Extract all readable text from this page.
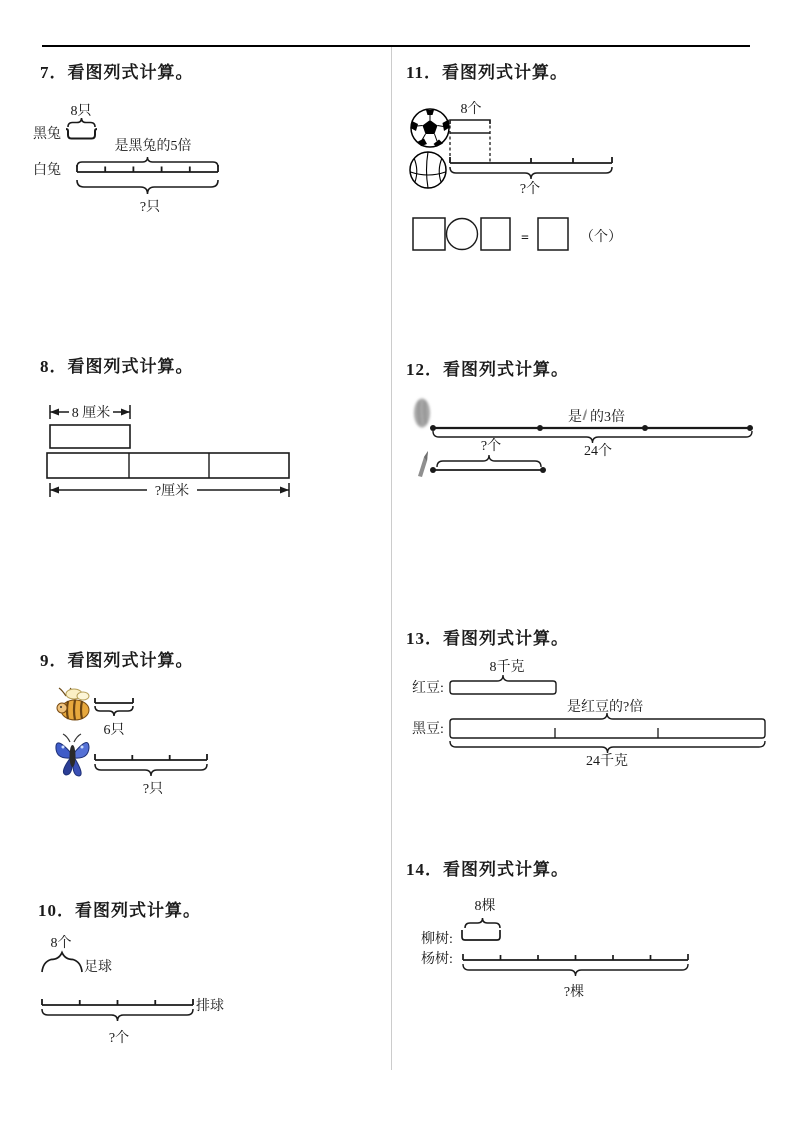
7．看图列式计算。
8只
黑兔
是黑兔的5倍
白兔
?只
8．看图列式计算。
8 厘米
?厘米
9．看图列式计算。
6只
?只
10．看图列式计算。
8个
足球
排球
?个
11．看图列式计算。
8个
?个
=	（个）
12．看图列式计算。
是 的3倍
24个
?个
13．看图列式计算。
8千克
红豆:
是红豆的?倍
黑豆:
24千克
14．看图列式计算。
8棵
柳树:
杨树:
?棵
